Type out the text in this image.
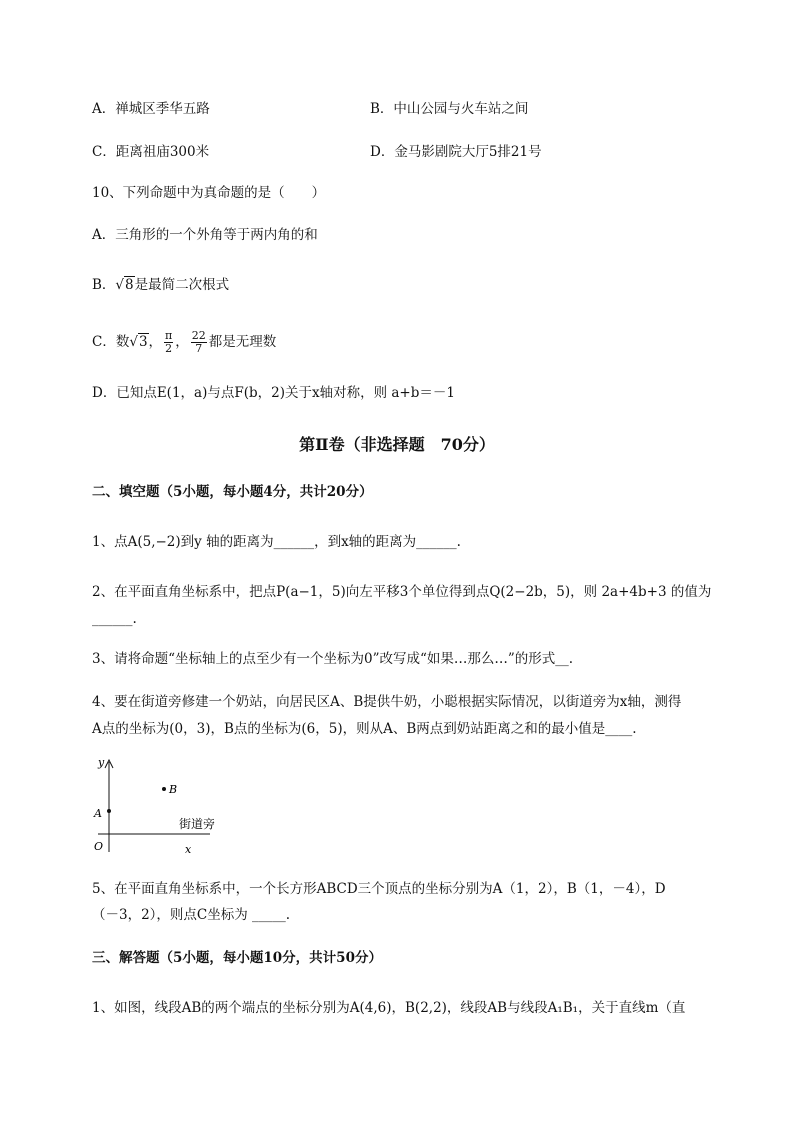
A．禅城区季华五路	B．中山公园与火车站之间
C．距离祖庙300米	D．金马影剧院大厅5排21号
10、下列命题中为真命题的是（　　）
A．三角形的一个外角等于两内角的和
B．√8是最简二次根式
C．数√3， $\frac{\pi}{2}$ ， $\frac{22}{7}$ 都是无理数
D．已知点E(1，a)与点F(b，2)关于x轴对称，则 a+b＝－1
第Ⅱ卷（非选择题　70分）
二、填空题（5小题，每小题4分，共计20分）
1、点A(5,−2)到y 轴的距离为______，到x轴的距离为______.
2、在平面直角坐标系中，把点P(a−1，5)向左平移3个单位得到点Q(2−2b，5)，则 2a+4b+3 的值为
______.
3、请将命题“坐标轴上的点至少有一个坐标为0”改写成“如果…那么…”的形式__.
4、要在街道旁修建一个奶站，向居民区A、B提供牛奶，小聪根据实际情况，以街道旁为x轴，测得
A点的坐标为(0，3)，B点的坐标为(6，5)，则从A、B两点到奶站距离之和的最小值是____.
y
x
O
A
B
街道旁
5、在平面直角坐标系中，一个长方形ABCD三个顶点的坐标分别为A（1，2），B（1，－4），D
（－3，2），则点C坐标为 _____.
三、解答题（5小题，每小题10分，共计50分）
1、如图，线段AB的两个端点的坐标分别为A(4,6)，B(2,2)，线段AB与线段A₁B₁，关于直线m（直
